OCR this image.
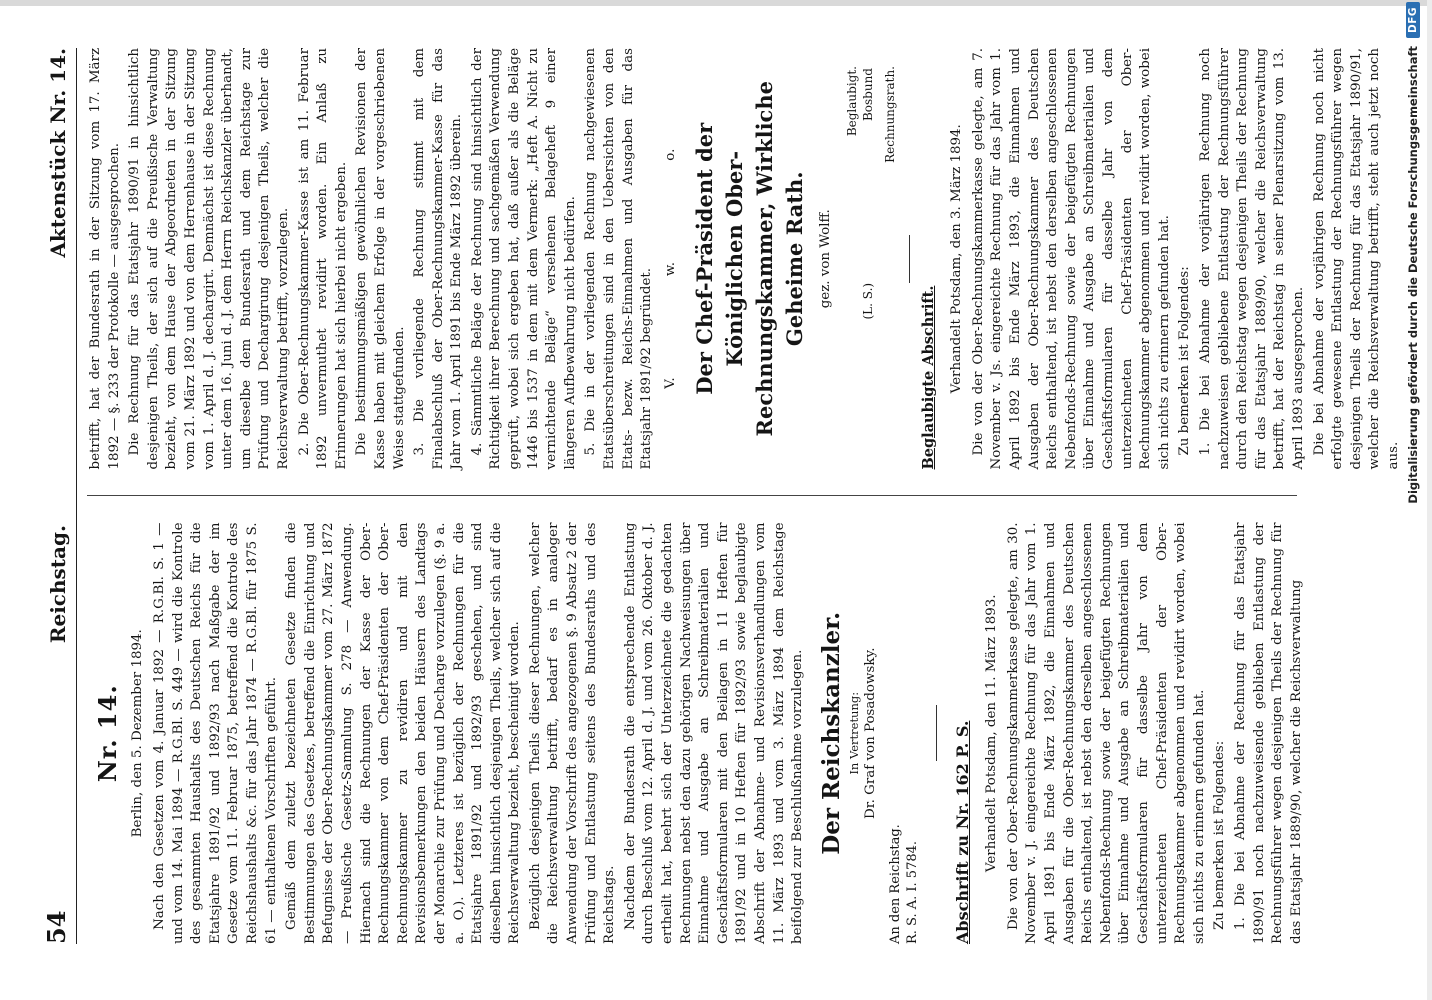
54
Reichstag.
Aktenstück Nr. 14.
Nr. 14. Berlin, den 5. Dezember 1894. Nach den Gesetzen vom 4. Januar 1892 — R.G.Bl. S. 1 — und vom 14. Mai 1894 — R.G.Bl. S. 449 — wird die Kontrole des gesammten Haushalts des Deutschen Reichs für die Etatsjahre 1891/92 und 1892/93 nach Maßgabe der im Gesetze vom 11. Februar 1875, betreffend die Kontrole des Reichshaushalts &c. für das Jahr 1874 — R.G.Bl. für 1875 S. 61 — enthaltenen Vorschriften geführt. Gemäß dem zuletzt bezeichneten Gesetze finden die Bestimmungen des Gesetzes, betreffend die Einrichtung und Befugnisse der Ober-Rechnungskammer vom 27. März 1872 — Preußische Gesetz-Sammlung S. 278 — Anwendung. Hiernach sind die Rechnungen der Kasse der Ober-Rechnungskammer von dem Chef-Präsidenten der Ober-Rechnungskammer zu revidiren und mit den Revisionsbemerkungen den beiden Häusern des Landtags der Monarchie zur Prüfung und Decharge vorzulegen (§. 9 a. a. O.). Letzteres ist bezüglich der Rechnungen für die Etatsjahre 1891/92 und 1892/93 geschehen, und sind dieselben hinsichtlich desjenigen Theils, welcher sich auf die Reichsverwaltung bezieht, bescheinigt worden. Bezüglich desjenigen Theils dieser Rechnungen, welcher die Reichsverwaltung betrifft, bedarf es in analoger Anwendung der Vorschrift des angezogenen §. 9 Absatz 2 der Prüfung und Entlastung seitens des Bundesraths und des Reichstags. Nachdem der Bundesrath die entsprechende Entlastung durch Beschluß vom 12. April d. J. und vom 26. Oktober d. J. ertheilt hat, beehrt sich der Unterzeichnete die gedachten Rechnungen nebst den dazu gehörigen Nachweisungen über Einnahme und Ausgabe an Schreibmaterialien und Geschäftsformularen mit den Beilagen in 11 Heften für 1891/92 und in 10 Heften für 1892/93 sowie beglaubigte Abschrift der Abnahme- und Revisionsverhandlungen vom 11. März 1893 und vom 3. März 1894 dem Reichstage beifolgend zur Beschlußnahme vorzulegen. Der Reichskanzler. In Vertretung: Dr. Graf von Posadowsky.
An den Reichstag. R. S. A. I. 5784. Abschrift zu Nr. 162 P. S. Verhandelt Potsdam, den 11. März 1893. Die von der Ober-Rechnungskammerkasse gelegte, am 30. November v. J. eingereichte Rechnung für das Jahr vom 1. April 1891 bis Ende März 1892, die Einnahmen und Ausgaben für die Ober-Rechnungskammer des Deutschen Reichs enthaltend, ist nebst den derselben angeschlossenen Nebenfonds-Rechnung sowie der beigefügten Rechnungen über Einnahme und Ausgabe an Schreibmaterialien und Geschäftsformularen für dasselbe Jahr von dem unterzeichneten Chef-Präsidenten der Ober-Rechnungskammer abgenommen und revidirt worden, wobei sich nichts zu erinnern gefunden hat. Zu bemerken ist Folgendes: 1. Die bei Abnahme der Rechnung für das Etatsjahr 1890/91 noch nachzuweisende geblieben Entlastung der Rechnungsführer wegen desjenigen Theils der Rechnung für das Etatsjahr 1889/90, welcher die Reichsverwaltung

betrifft, hat der Bundesrath in der Sitzung vom 17. März 1892 — §. 233 der Protokolle — ausgesprochen. Die Rechnung für das Etatsjahr 1890/91 in hinsichtlich desjenigen Theils, der sich auf die Preußische Verwaltung bezieht, von dem Hause der Abgeordneten in der Sitzung vom 21. März 1892 und von dem Herrenhause in der Sitzung vom 1. April d. J. dechargirt. Demnächst ist diese Rechnung unter dem 16. Juni d. J. dem Herrn Reichskanzler überhandt, um dieselbe dem Bundesrath und dem Reichstage zur Prüfung und Dechargirung desjenigen Theils, welcher die Reichsverwaltung betrifft, vorzulegen. 2. Die Ober-Rechnungskammer-Kasse ist am 11. Februar 1892 unvermuthet revidirt worden. Ein Anlaß zu Erinnerungen hat sich hierbei nicht ergeben. Die bestimmungsmäßigen gewöhnlichen Revisionen der Kasse haben mit gleichem Erfolge in der vorgeschriebenen Weise stattgefunden. 3. Die vorliegende Rechnung stimmt mit dem Finalabschluß der Ober-Rechnungskammer-Kasse für das Jahr vom 1. April 1891 bis Ende März 1892 überein. 4. Sämmtliche Beläge der Rechnung sind hinsichtlich der Richtigkeit ihrer Berechnung und sachgemäßen Verwendung geprüft, wobei sich ergeben hat, daß außer als die Beläge 1446 bis 1537 in dem mit dem Vermerk: „Heft A. Nicht zu vernichtende Beläge“ versehenen Belageheft 9 einer längeren Aufbewahrung nicht bedürfen. 5. Die in der vorliegenden Rechnung nachgewiesenen Etatsüberschreitungen sind in den Uebersichten von den Etats- bezw. Reichs-Einnahmen und Ausgaben für das Etatsjahr 1891/92 begründet. V.
w.
o. Der Chef-Präsident der Königlichen Ober-Rechnungskammer, Wirkliche Geheime Rath. gez. von Wolff.
Beglaubigt.
(L. S.)
Bosbund Rechnungsrath.
Beglaubigte Abschrift. Verhandelt Potsdam, den 3. März 1894. Die von der Ober-Rechnungskammerkasse gelegte, am 7. November v. Js. eingereichte Rechnung für das Jahr vom 1. April 1892 bis Ende März 1893, die Einnahmen und Ausgaben der Ober-Rechnungskammer des Deutschen Reichs enthaltend, ist nebst den derselben angeschlossenen Nebenfonds-Rechnung sowie der beigefügten Rechnungen über Einnahme und Ausgabe an Schreibmaterialien und Geschäftsformularen für dasselbe Jahr von dem unterzeichneten Chef-Präsidenten der Ober-Rechnungskammer abgenommen und revidirt worden, wobei sich nichts zu erinnern gefunden hat. Zu bemerken ist Folgendes: 1. Die bei Abnahme der vorjährigen Rechnung noch nachzuweisen gebliebene Entlastung der Rechnungsführer durch den Reichstag wegen desjenigen Theils der Rechnung für das Etatsjahr 1889/90, welcher die Reichsverwaltung betrifft, hat der Reichstag in seiner Plenarsitzung vom 13. April 1893 ausgesprochen. Die bei Abnahme der vorjährigen Rechnung noch nicht erfolgte gewesene Entlastung der Rechnungsführer wegen desjenigen Theils der Rechnung für das Etatsjahr 1890/91, welcher die Reichsverwaltung betrifft, steht auch jetzt noch aus. Digitalisierung gefördert durch die Deutsche Forschungsgemeinschaft
DFG
